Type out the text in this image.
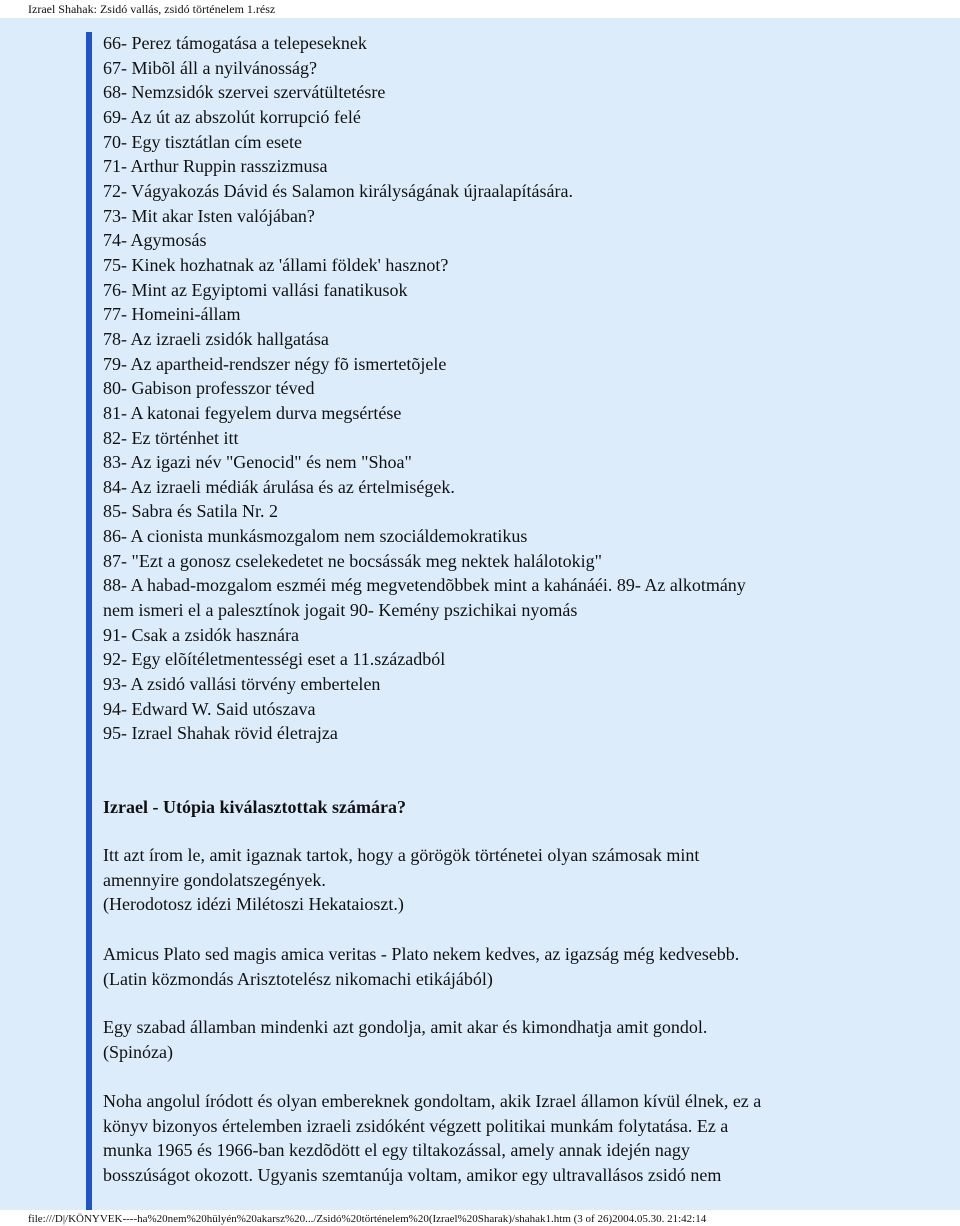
Izrael Shahak: Zsidó vallás, zsidó történelem 1.rész
66- Perez támogatása a telepeseknek
67- Mibõl áll a nyilvánosság?
68- Nemzsidók szervei szervátültetésre
69- Az út az abszolút korrupció felé
70- Egy tisztátlan cím esete
71- Arthur Ruppin rasszizmusa
72- Vágyakozás Dávid és Salamon királyságának újraalapítására.
73- Mit akar Isten valójában?
74- Agymosás
75- Kinek hozhatnak az 'állami földek' hasznot?
76- Mint az Egyiptomi vallási fanatikusok
77- Homeini-állam
78- Az izraeli zsidók hallgatása
79- Az apartheid-rendszer négy fõ ismertetõjele
80- Gabison professzor téved
81- A katonai fegyelem durva megsértése
82- Ez történhet itt
83- Az igazi név "Genocid" és nem "Shoa"
84- Az izraeli médiák árulása és az értelmiségek.
85- Sabra és Satila Nr. 2
86- A cionista munkásmozgalom nem szociáldemokratikus
87- "Ezt a gonosz cselekedetet ne bocsássák meg nektek halálotokig"
88- A habad-mozgalom eszméi még megvetendõbbek mint a kahánáéi. 89- Az alkotmány
nem ismeri el a palesztínok jogait 90- Kemény pszichikai nyomás
91- Csak a zsidók hasznára
92- Egy elõítéletmentességi eset a 11.századból
93- A zsidó vallási törvény embertelen
94- Edward W. Said utószava
95- Izrael Shahak rövid életrajza
Izrael - Utópia kiválasztottak számára?
Itt azt írom le, amit igaznak tartok, hogy a görögök történetei olyan számosak mint
amennyire gondolatszegények.
(Herodotosz idézi Milétoszi Hekataioszt.)
Amicus Plato sed magis amica veritas - Plato nekem kedves, az igazság még kedvesebb.
(Latin közmondás Arisztotelész nikomachi etikájából)
Egy szabad államban mindenki azt gondolja, amit akar és kimondhatja amit gondol.
(Spinóza)
Noha angolul íródott és olyan embereknek gondoltam, akik Izrael államon kívül élnek, ez a
könyv bizonyos értelemben izraeli zsidóként végzett politikai munkám folytatása. Ez a
munka 1965 és 1966-ban kezdõdött el egy tiltakozással, amely annak idején nagy
bosszúságot okozott. Ugyanis szemtanúja voltam, amikor egy ultravallásos zsidó nem
file:///D|/KÖNYVEK----ha%20nem%20hülyén%20akarsz%20.../Zsidó%20történelem%20(Izrael%20Sharak)/shahak1.htm (3 of 26)2004.05.30. 21:42:14
